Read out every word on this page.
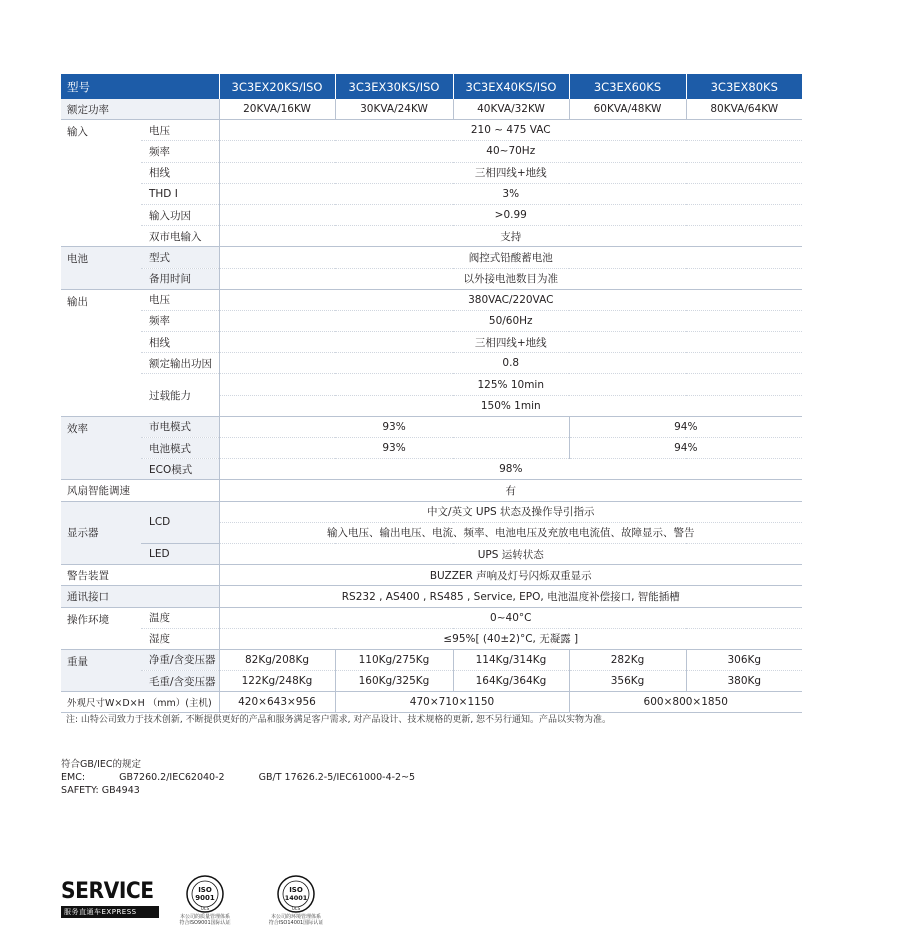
型号		3C3EX20KS/ISO	3C3EX30KS/ISO	3C3EX40KS/ISO	3C3EX60KS	3C3EX80KS
额定功率		20KVA/16KW	30KVA/24KW	40KVA/32KW	60KVA/48KW	80KVA/64KW
输入	电压	210 ~ 475 VAC				
	频率	40~70Hz				
	相线	三相四线+地线				
	THD I	3%				
	输入功因	>0.99				
	双市电输入	支持				
电池	型式	阀控式铅酸蓄电池				
	备用时间	以外接电池数目为准				
输出	电压	380VAC/220VAC				
	频率	50/60Hz				
	相线	三相四线+地线				
	额定输出功因	0.8				
	过载能力	125% 10min				
		150% 1min				
效率	市电模式	93%			94%	
	电池模式	93%			94%	
	ECO模式	98%				
风扇智能调速		有				
显示器	LCD	中文/英文 UPS 状态及操作导引指示				
		输入电压、输出电压、电流、频率、电池电压及充放电电流值、故障显示、警告				
	LED	UPS 运转状态				
警告装置		BUZZER 声响及灯号闪烁双重显示				
通讯接口		RS232 , AS400 , RS485 , Service, EPO, 电池温度补偿接口, 智能插槽				
操作环境	温度	0~40°C				
	湿度	≤95%[ (40±2)°C, 无凝露 ]				
重量	净重/含变压器	82Kg/208Kg	110Kg/275Kg	114Kg/314Kg	282Kg	306Kg
	毛重/含变压器	122Kg/248Kg	160Kg/325Kg	164Kg/364Kg	356Kg	380Kg
外观尺寸W×D×H （mm）(主机)		420×643×956	470×710×1150		600×800×1850	
注: 山特公司致力于技术创新, 不断提供更好的产品和服务满足客户需求, 对产品设计、技术规格的更新, 恕不另行通知。产品以实物为准。
符合GB/IEC的规定
EMC:	GB7260.2/IEC62040-2	GB/T 17626.2-5/IEC61000-4-2~5
SAFETY: GB4943
SERVICE
服务直通车EXPRESS
ISO
9001
UCS
本公司的质量管理体系
符合ISO9001国际认证
ISO
14001
UCS
本公司的环境管理体系
符合ISO14001国际认证
